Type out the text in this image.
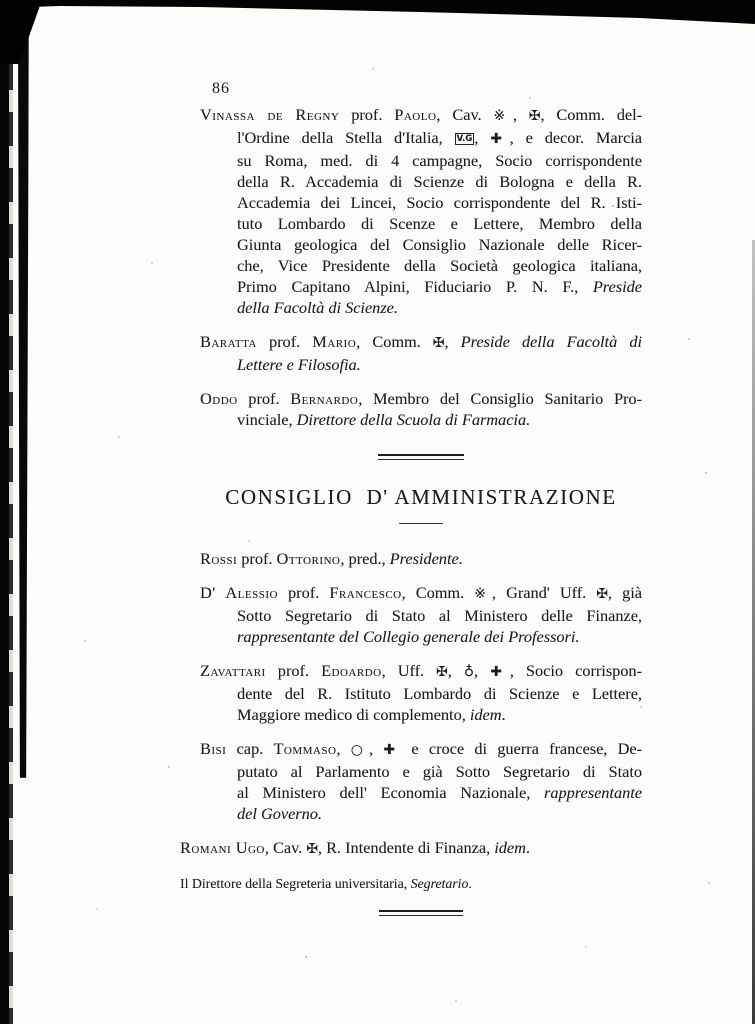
86
Vinassa de Regny prof. Paolo, Cav. ※, ✠, Comm. del-
l'Ordine della Stella d'Italia, V.G , ✚, e decor. Marcia
su Roma, med. di 4 campagne, Socio corrispondente
della R. Accademia di Scienze di Bologna e della R.
Accademia dei Lincei, Socio corrispondente del R. Isti-
tuto Lombardo di Scenze e Lettere, Membro della
Giunta geologica del Consiglio Nazionale delle Ricer-
che, Vice Presidente della Società geologica italiana,
Primo Capitano Alpini, Fiduciario P. N. F., Preside
della Facoltà di Scienze.
Baratta prof. Mario, Comm. ✠, Preside della Facoltà di
Lettere e Filosofia.
Oddo prof. Bernardo, Membro del Consiglio Sanitario Pro-
vinciale, Direttore della Scuola di Farmacia.
CONSIGLIO  D' AMMINISTRAZIONE
Rossi prof. Ottorino, pred., Presidente.
D' Alessio prof. Francesco, Comm. ※, Grand' Uff. ✠, già
Sotto Segretario di Stato al Ministero delle Finanze,
rappresentante del Collegio generale dei Professori.
Zavattari prof. Edoardo, Uff. ✠, ♁, ✚, Socio corrispon-
dente del R. Istituto Lombardo di Scienze e Lettere,
Maggiore medico di complemento, idem.
Bisi cap. Tommaso, ○, ✚ e croce di guerra francese, De-
putato al Parlamento e già Sotto Segretario di Stato
al Ministero dell' Economia Nazionale, rappresentante
del Governo.
Romani Ugo, Cav. ✠, R. Intendente di Finanza, idem.
Il Direttore della Segreteria universitaria, Segretario.
